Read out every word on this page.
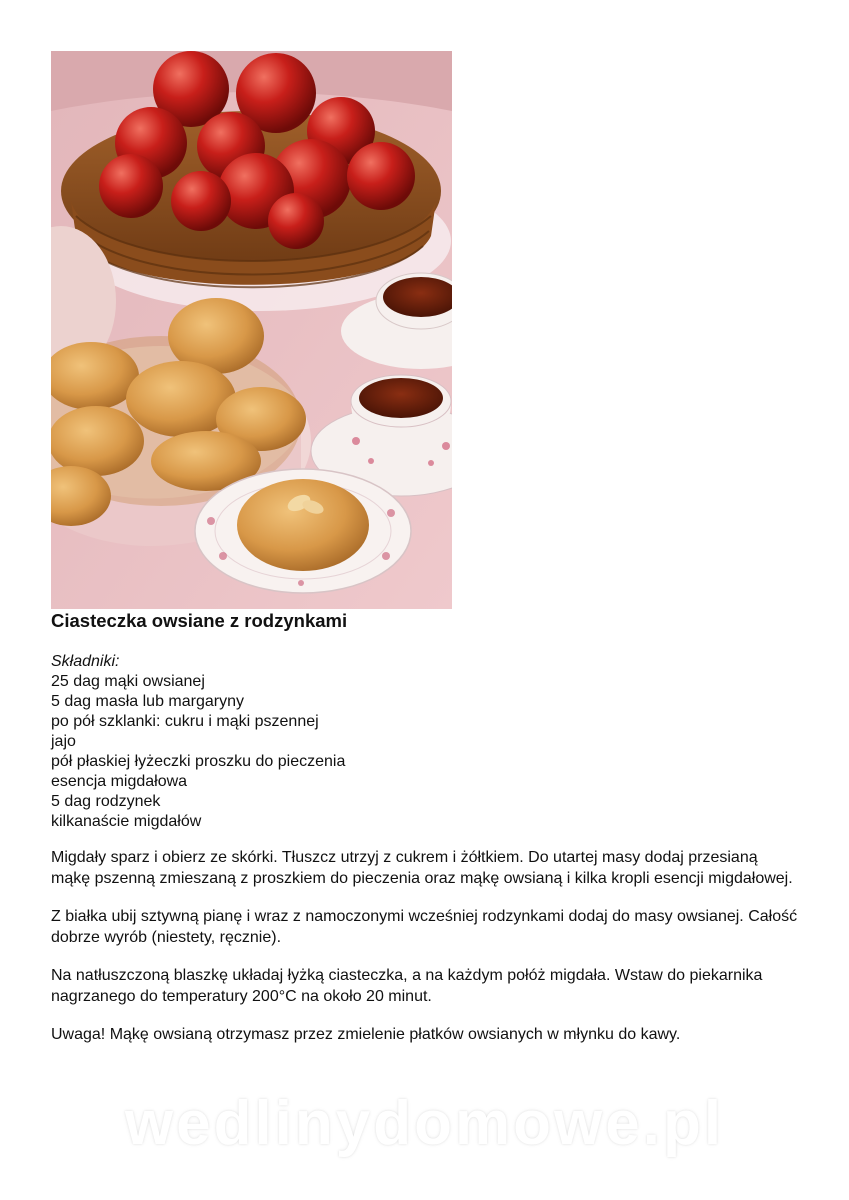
Ciasteczka owsiane z rodzynkami
Składniki:
25 dag mąki owsianej
5 dag masła lub margaryny
po pół szklanki: cukru i mąki pszennej
jajo
pół płaskiej łyżeczki proszku do pieczenia
esencja migdałowa
5 dag rodzynek
kilkanaście migdałów

Migdały sparz i obierz ze skórki. Tłuszcz utrzyj z cukrem i żółtkiem. Do utartej masy dodaj przesianą mąkę pszenną zmieszaną z proszkiem do pieczenia oraz mąkę owsianą i kilka kropli esencji migdałowej.

Z białka ubij sztywną pianę i wraz z namoczonymi wcześniej rodzynkami dodaj do masy owsianej. Całość dobrze wyrób (niestety, ręcznie).

Na natłuszczoną blaszkę układaj łyżką ciasteczka, a na każdym połóż migdała. Wstaw do piekarnika nagrzanego do temperatury 200°C na około 20 minut.

Uwaga! Mąkę owsianą otrzymasz przez zmielenie płatków owsianych w młynku do kawy.

wedlinydomowe.pl
